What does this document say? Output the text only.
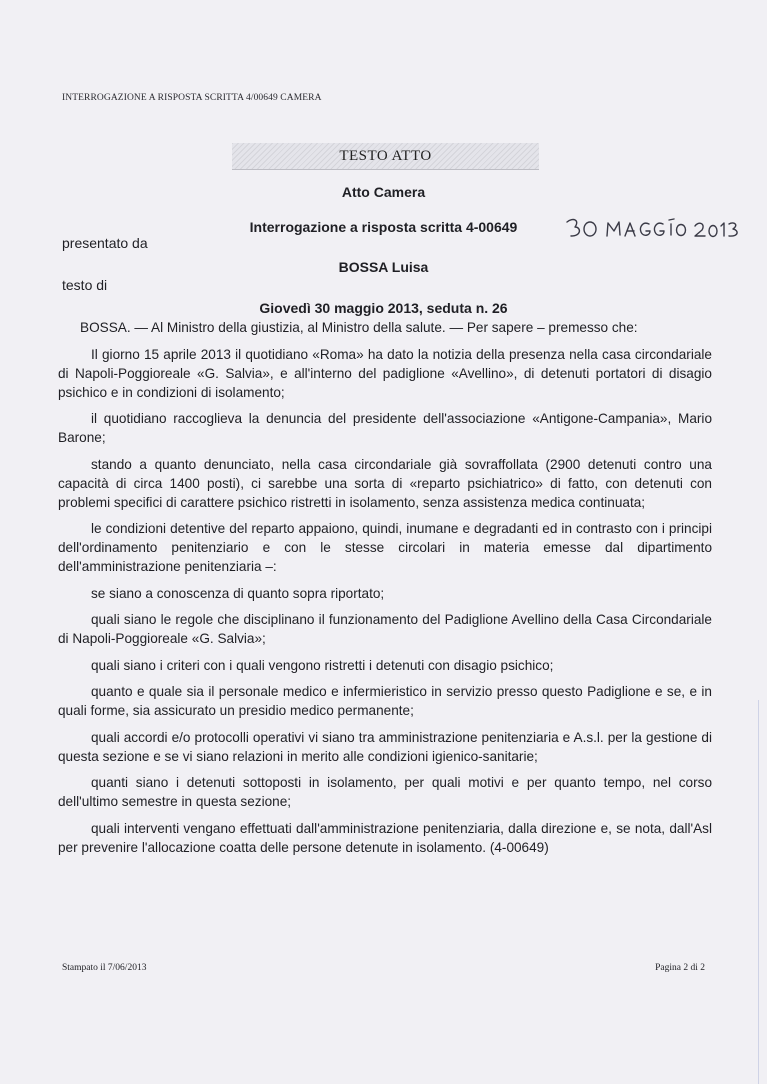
INTERROGAZIONE A RISPOSTA SCRITTA 4/00649 CAMERA
TESTO ATTO
Atto Camera
Interrogazione a risposta scritta 4-00649
presentato da
BOSSA Luisa
testo di
Giovedì 30 maggio 2013, seduta n. 26

BOSSA. — Al Ministro della giustizia, al Ministro della salute. — Per sapere – premesso che:

Il giorno 15 aprile 2013 il quotidiano «Roma» ha dato la notizia della presenza nella casa circondariale di Napoli-Poggioreale «G. Salvia», e all'interno del padiglione «Avellino», di detenuti portatori di disagio psichico e in condizioni di isolamento;

il quotidiano raccoglieva la denuncia del presidente dell'associazione «Antigone-Campania», Mario Barone;

stando a quanto denunciato, nella casa circondariale già sovraffollata (2900 detenuti contro una capacità di circa 1400 posti), ci sarebbe una sorta di «reparto psichiatrico» di fatto, con detenuti con problemi specifici di carattere psichico ristretti in isolamento, senza assistenza medica continuata;

le condizioni detentive del reparto appaiono, quindi, inumane e degradanti ed in contrasto con i principi dell'ordinamento penitenziario e con le stesse circolari in materia emesse dal dipartimento dell'amministrazione penitenziaria –:

se siano a conoscenza di quanto sopra riportato;

quali siano le regole che disciplinano il funzionamento del Padiglione Avellino della Casa Circondariale di Napoli-Poggioreale «G. Salvia»;

quali siano i criteri con i quali vengono ristretti i detenuti con disagio psichico;

quanto e quale sia il personale medico e infermieristico in servizio presso questo Padiglione e se, e in quali forme, sia assicurato un presidio medico permanente;

quali accordi e/o protocolli operativi vi siano tra amministrazione penitenziaria e A.s.l. per la gestione di questa sezione e se vi siano relazioni in merito alle condizioni igienico-sanitarie;

quanti siano i detenuti sottoposti in isolamento, per quali motivi e per quanto tempo, nel corso dell'ultimo semestre in questa sezione;

quali interventi vengano effettuati dall'amministrazione penitenziaria, dalla direzione e, se nota, dall'Asl per prevenire l'allocazione coatta delle persone detenute in isolamento. (4-00649)

Stampato il 7/06/2013	Pagina 2 di 2
